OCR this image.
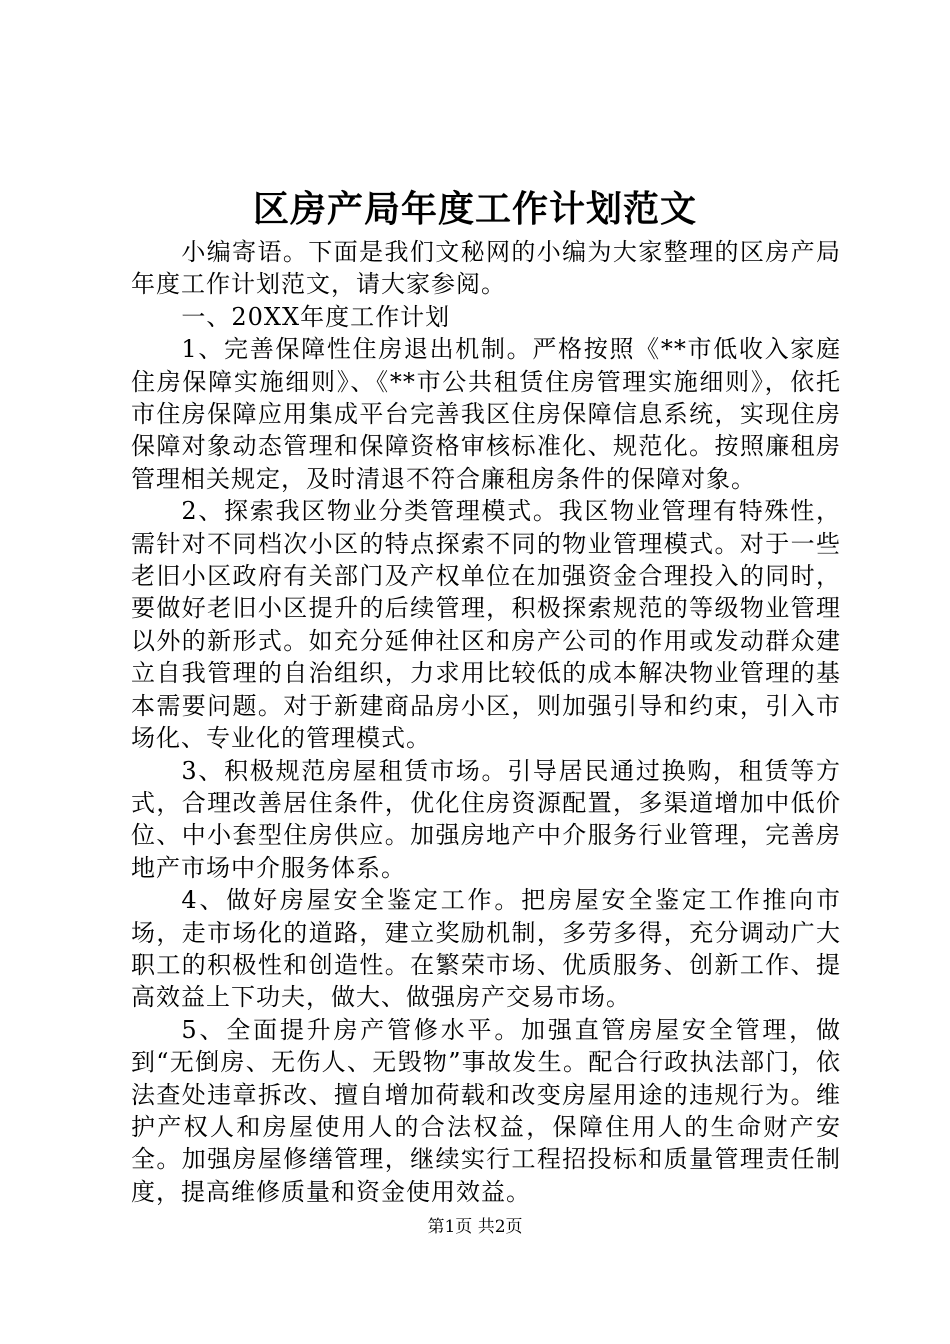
区房产局年度工作计划范文

小编寄语。下面是我们文秘网的小编为大家整理的区房产局年度工作计划范文，请大家参阅。

一、20XX年度工作计划

1、完善保障性住房退出机制。严格按照《**市低收入家庭住房保障实施细则》、《**市公共租赁住房管理实施细则》，依托市住房保障应用集成平台完善我区住房保障信息系统，实现住房保障对象动态管理和保障资格审核标准化、规范化。按照廉租房管理相关规定，及时清退不符合廉租房条件的保障对象。

2、探索我区物业分类管理模式。我区物业管理有特殊性，需针对不同档次小区的特点探索不同的物业管理模式。对于一些老旧小区政府有关部门及产权单位在加强资金合理投入的同时，要做好老旧小区提升的后续管理，积极探索规范的等级物业管理以外的新形式。如充分延伸社区和房产公司的作用或发动群众建立自我管理的自治组织，力求用比较低的成本解决物业管理的基本需要问题。对于新建商品房小区，则加强引导和约束，引入市场化、专业化的管理模式。

3、积极规范房屋租赁市场。引导居民通过换购，租赁等方式，合理改善居住条件，优化住房资源配置，多渠道增加中低价位、中小套型住房供应。加强房地产中介服务行业管理，完善房地产市场中介服务体系。

4、做好房屋安全鉴定工作。把房屋安全鉴定工作推向市场，走市场化的道路，建立奖励机制，多劳多得，充分调动广大职工的积极性和创造性。在繁荣市场、优质服务、创新工作、提高效益上下功夫，做大、做强房产交易市场。

5、全面提升房产管修水平。加强直管房屋安全管理，做到“无倒房、无伤人、无毁物”事故发生。配合行政执法部门，依法查处违章拆改、擅自增加荷载和改变房屋用途的违规行为。维护产权人和房屋使用人的合法权益，保障住用人的生命财产安全。加强房屋修缮管理，继续实行工程招投标和质量管理责任制度，提高维修质量和资金使用效益。

第1页 共2页
